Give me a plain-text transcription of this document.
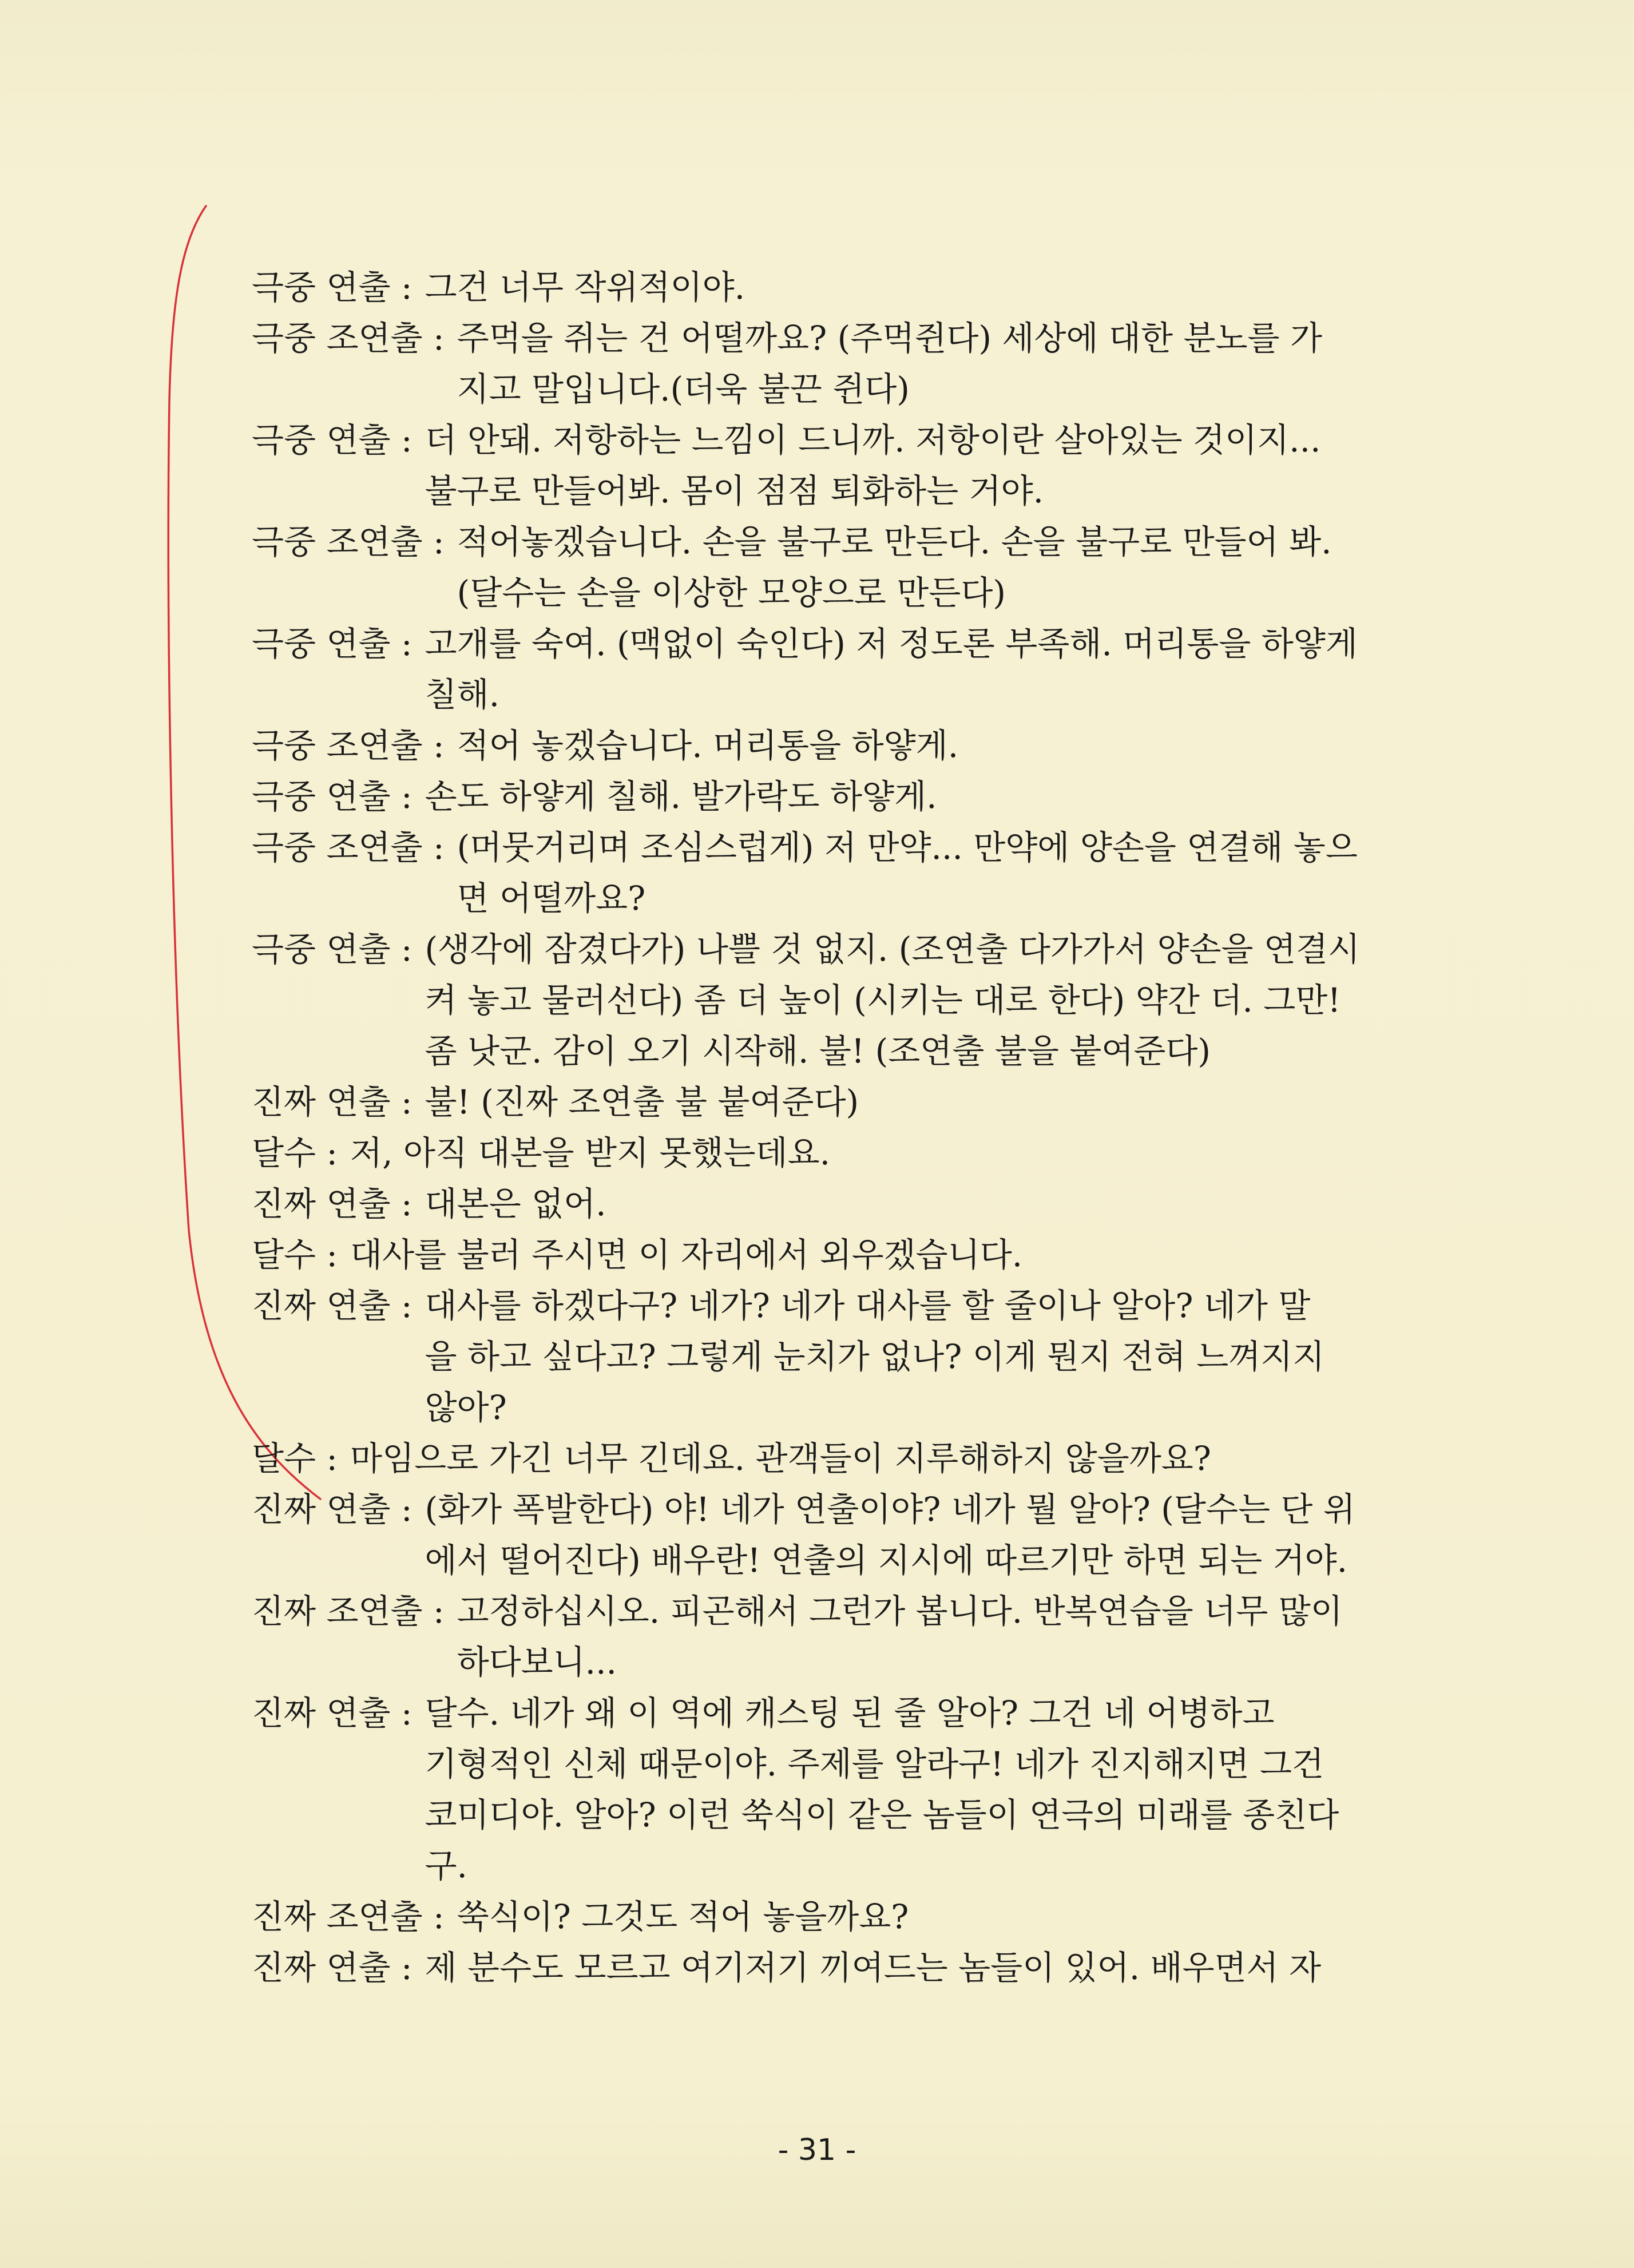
극중 연출 : 그건 너무 작위적이야.
극중 조연출 : 주먹을 쥐는 건 어떨까요? (주먹쥔다) 세상에 대한 분노를 가
지고 말입니다.(더욱 불끈 쥔다)
극중 연출 : 더 안돼. 저항하는 느낌이 드니까. 저항이란 살아있는 것이지...
불구로 만들어봐. 몸이 점점 퇴화하는 거야.
극중 조연출 : 적어놓겠습니다. 손을 불구로 만든다. 손을 불구로 만들어 봐.
(달수는 손을 이상한 모양으로 만든다)
극중 연출 : 고개를 숙여. (맥없이 숙인다) 저 정도론 부족해. 머리통을 하얗게
칠해.
극중 조연출 : 적어 놓겠습니다. 머리통을 하얗게.
극중 연출 : 손도 하얗게 칠해. 발가락도 하얗게.
극중 조연출 : (머뭇거리며 조심스럽게) 저 만약... 만약에 양손을 연결해 놓으
면 어떨까요?
극중 연출 : (생각에 잠겼다가) 나쁠 것 없지. (조연출 다가가서 양손을 연결시
켜 놓고 물러선다) 좀 더 높이 (시키는 대로 한다) 약간 더. 그만!
좀 낫군. 감이 오기 시작해. 불! (조연출 불을 붙여준다)
진짜 연출 : 불! (진짜 조연출 불 붙여준다)
달수 : 저, 아직 대본을 받지 못했는데요.
진짜 연출 : 대본은 없어.
달수 : 대사를 불러 주시면 이 자리에서 외우겠습니다.
진짜 연출 : 대사를 하겠다구? 네가? 네가 대사를 할 줄이나 알아? 네가 말
을 하고 싶다고? 그렇게 눈치가 없나? 이게 뭔지 전혀 느껴지지
않아?
달수 : 마임으로 가긴 너무 긴데요. 관객들이 지루해하지 않을까요?
진짜 연출 : (화가 폭발한다) 야! 네가 연출이야? 네가 뭘 알아? (달수는 단 위
에서 떨어진다) 배우란! 연출의 지시에 따르기만 하면 되는 거야.
진짜 조연출 : 고정하십시오. 피곤해서 그런가 봅니다. 반복연습을 너무 많이
하다보니...
진짜 연출 : 달수. 네가 왜 이 역에 캐스팅 된 줄 알아? 그건 네 어병하고
기형적인 신체 때문이야. 주제를 알라구! 네가 진지해지면 그건
코미디야. 알아? 이런 쑥식이 같은 놈들이 연극의 미래를 종친다
구.
진짜 조연출 : 쑥식이? 그것도 적어 놓을까요?
진짜 연출 : 제 분수도 모르고 여기저기 끼여드는 놈들이 있어. 배우면서 자
- 31 -
